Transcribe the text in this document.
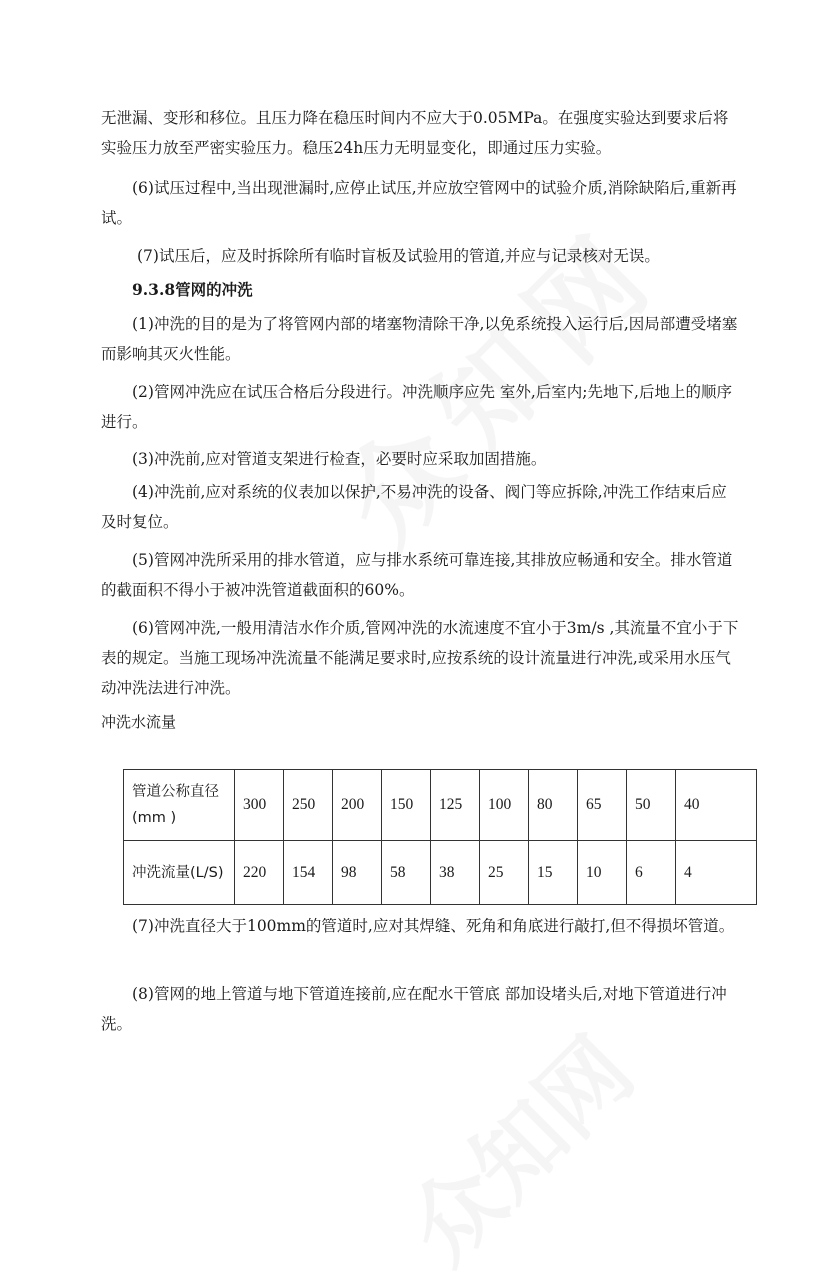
无泄漏、变形和移位。且压力降在稳压时间内不应大于0.05MPa。在强度实验达到要求后将实验压力放至严密实验压力。稳压24h压力无明显变化，即通过压力实验。

(6)试压过程中,当出现泄漏时,应停止试压,并应放空管网中的试验介质,消除缺陷后,重新再试。

(7)试压后，应及时拆除所有临时盲板及试验用的管道,并应与记录核对无误。

9.3.8管网的冲洗

(1)冲洗的目的是为了将管网内部的堵塞物清除干净,以免系统投入运行后,因局部遭受堵塞而影响其灭火性能。

(2)管网冲洗应在试压合格后分段进行。冲洗顺序应先 室外,后室内;先地下,后地上的顺序进行。

(3)冲洗前,应对管道支架进行检查，必要时应采取加固措施。

(4)冲洗前,应对系统的仪表加以保护,不易冲洗的设备、阀门等应拆除,冲洗工作结束后应及时复位。

(5)管网冲洗所采用的排水管道，应与排水系统可靠连接,其排放应畅通和安全。排水管道的截面积不得小于被冲洗管道截面积的60%。

(6)管网冲洗,一般用清洁水作介质,管网冲洗的水流速度不宜小于3m/s ,其流量不宜小于下表的规定。当施工现场冲洗流量不能满足要求时,应按系统的设计流量进行冲洗,或采用水压气动冲洗法进行冲洗。

冲洗水流量

管道公称直径(mm )	300	250	200	150	125	100	80	65	50	40
冲洗流量(L/S)	220	154	98	58	38	25	15	10	6	4

(7)冲洗直径大于100mm的管道时,应对其焊缝、死角和角底进行敲打,但不得损坏管道。

(8)管网的地上管道与地下管道连接前,应在配水干管底 部加设堵头后,对地下管道进行冲洗。
